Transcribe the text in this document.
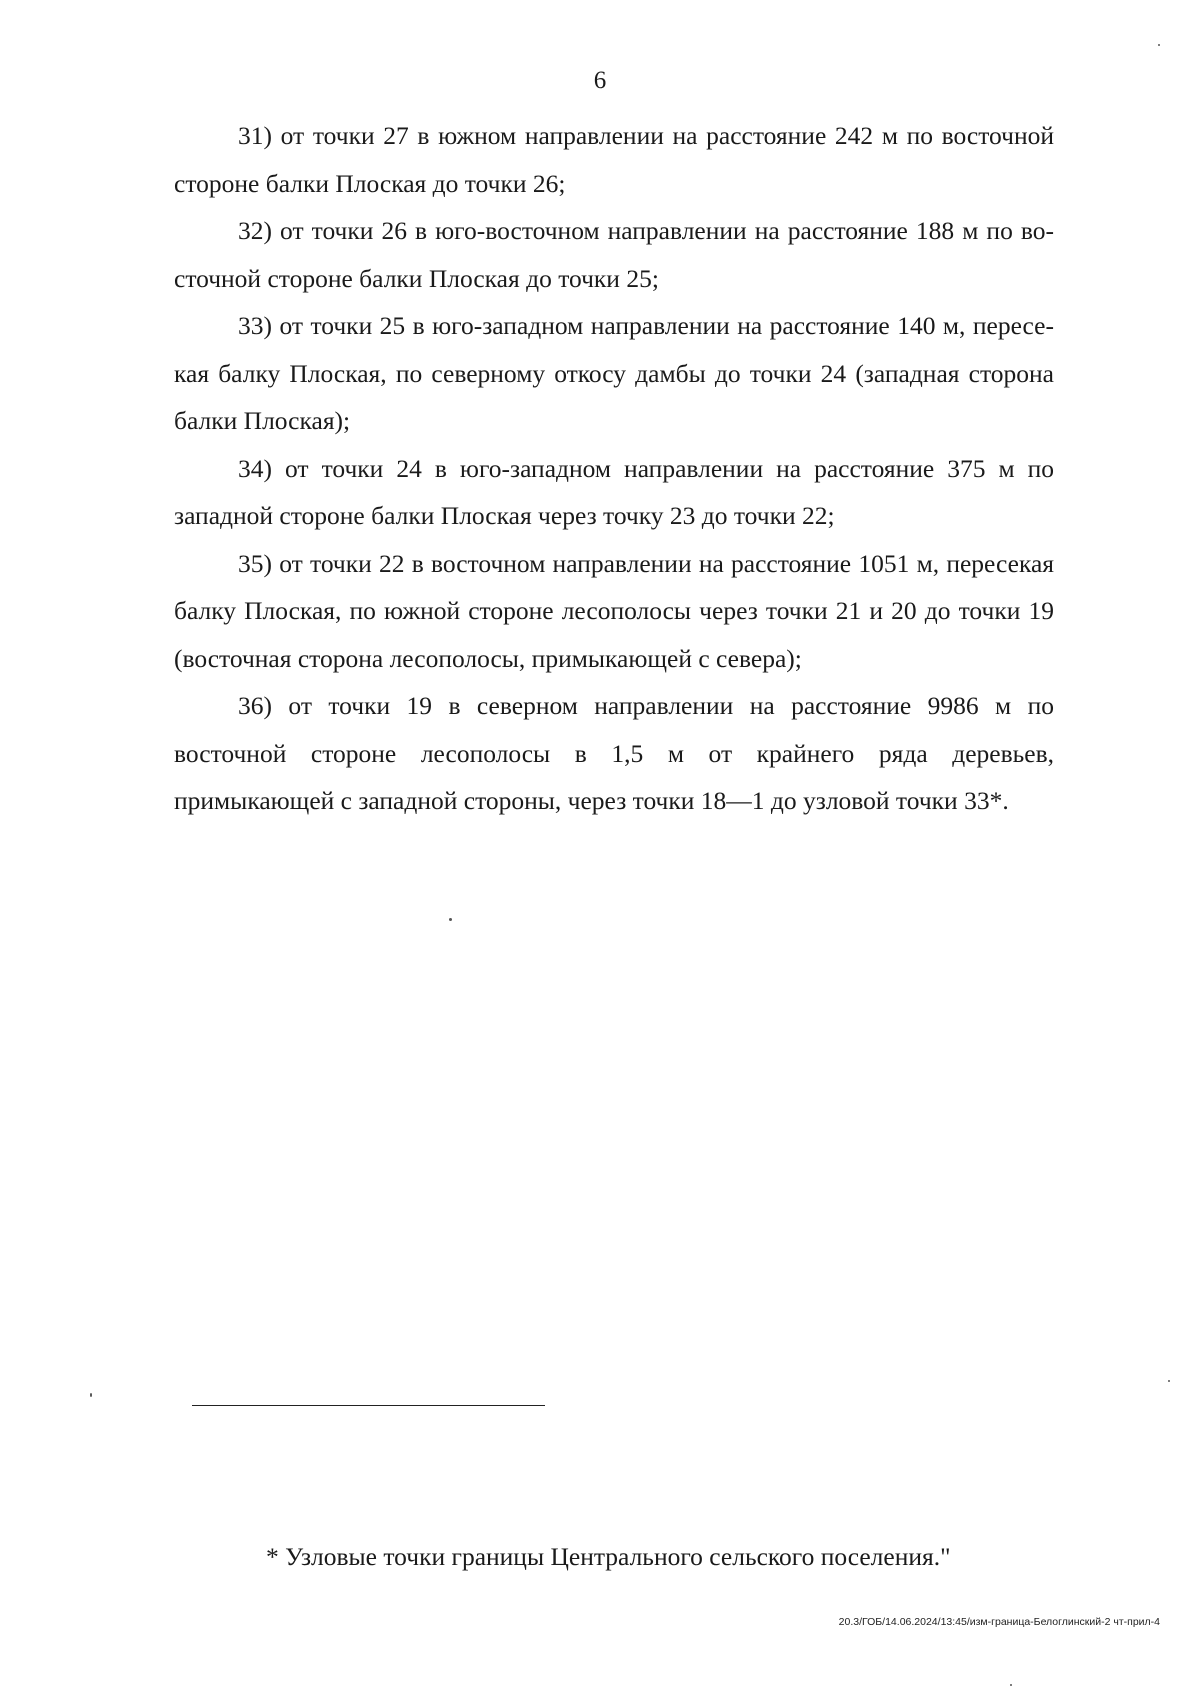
6

31) от точки 27 в южном направлении на расстояние 242 м по восточной стороне балки Плоская до точки 26;

32) от точки 26 в юго-восточном направлении на расстояние 188 м по восточной стороне балки Плоская до точки 25;

33) от точки 25 в юго-западном направлении на расстояние 140 м, пересекая балку Плоская, по северному откосу дамбы до точки 24 (западная сторона балки Плоская);

34) от точки 24 в юго-западном направлении на расстояние 375 м по западной стороне балки Плоская через точку 23 до точки 22;

35) от точки 22 в восточном направлении на расстояние 1051 м, пересекая балку Плоская, по южной стороне лесополосы через точки 21 и 20 до точки 19 (восточная сторона лесополосы, примыкающей с севера);

36) от точки 19 в северном направлении на расстояние 9986 м по восточной стороне лесополосы в 1,5 м от крайнего ряда деревьев, примыкающей с западной стороны, через точки 18—1 до узловой точки 33*.

* Узловые точки границы Центрального сельского поселения."
20.3/ГОБ/14.06.2024/13:45/изм-граница-Белоглинский-2 чт-прил-4
